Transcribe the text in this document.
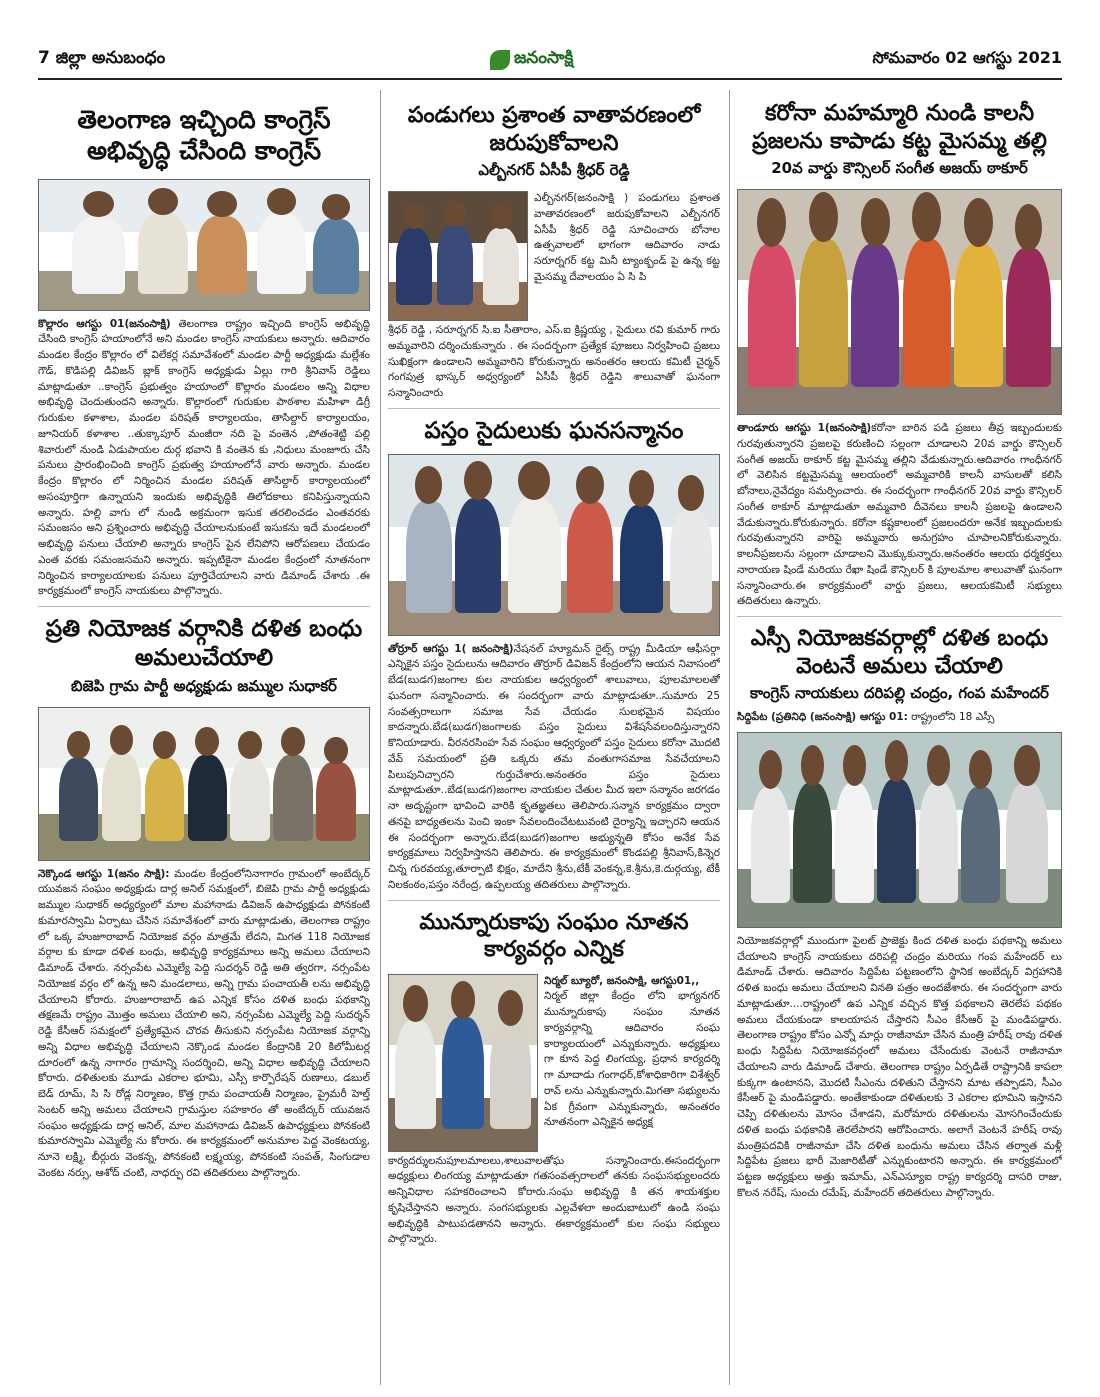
7 జిల్లా అనుబంధం	జనంసాక్షి	సోమవారం 02 ఆగస్టు 2021
తెలంగాణ ఇచ్చింది కాంగ్రెస్ అభివృద్ధి చేసింది కాంగ్రెస్
కొల్లారం ఆగస్టు 01(జనంసాక్షి) తెలంగాణ రాష్ట్రం ఇచ్చింది కాంగ్రెస్ అభివృద్ధి చేసింది కాంగ్రెస్ హయాంలోనే అని మండల కాంగ్రెస్ నాయకులు అన్నారు. ఆదివారం మండల కేంద్రం కొల్లారం లో విలేకర్ల సమావేశంలో మండల పార్టీ అధ్యక్షుడు మల్లేశం గౌడ్, కొడిపల్లి డివిజన్ బ్లాక్ కాంగ్రెస్ అధ్యక్షుడు ఏల్లు గారి శ్రీనివాస్ రెడ్డిలు మాట్లాడుతూ ..కాంగ్రెస్ ప్రభుత్వం హయాంలో కొల్లారం మండలం అన్ని విధాల అభివృద్ధి చెందుతుందని అన్నారు. కొల్లారంలో గురుకుల పాఠశాల మహిళా డిగ్రీ గురుకుల కళాశాల, మండల పరిషత్ కార్యాలయం, తాసిల్దార్ కార్యాలయం, జూనియర్ కళాశాల ..తుక్కాపూర్ మంజీరా నది పై వంతెన ,పోతంశెట్టి పల్లి శివారులో నుండి ఏడుపాయల దుర్గ భవాని కి వంతెన కు ,నిధులు మంజూరు చేసి పనులు ప్రారంభించింది కాంగ్రెస్ ప్రభుత్వ హయాంలోనే వారు అన్నారు. మండల కేంద్రం కొల్లారం లో నిర్మించిన మండల పరిషత్ తాసిల్దార్ కార్యాలయంలో అసంపూర్తిగా ఉన్నాయని ఇందుకు అభివృద్ధికి తిలోదకాలు కనిపిస్తున్నాయని అన్నారు. హల్లి వాగు లో నుండి అక్రమంగా ఇసుక తరలించడం ఎంతవరకు సమంజసం అని ప్రశ్నించారు అభివృద్ధి చేయాలనుకుంటే ఇసుకను ఇదే మండలంలో అభివృద్ధి పనులు చేయాలి అన్నారు కాంగ్రెస్ పైన లేనిపోని ఆరోపణలు చేయడం ఎంత వరకు సమంజసమని అన్నారు. ఇప్పటికైనా మండల కేంద్రంలో నూతనంగా నిర్మించిన కార్యాలయాలకు పనులు పూర్తిచేయాలని వారు డిమాండ్ చేశారు .ఈ కార్యక్రమంలో కాంగ్రెస్ నాయకులు పాల్గొన్నారు.
ప్రతి నియోజక వర్గానికి దళిత బంధు అమలుచేయాలి
బిజెపి గ్రామ పార్టీ అధ్యక్షుడు జమ్ముల సుధాకర్
నెక్కొండ ఆగస్టు 1(జనం సాక్షి): మండల కేంద్రంలోనినాగారం గ్రామంలో అంబేద్కర్ యువజన సంఘం అధ్యక్షుడు దార్ల అనిల్ సమక్షంలో, బిజెపి గ్రామ పార్టీ అధ్యక్షుడు జమ్ముల సుధాకర్ అధ్యర్యంలో మాల మహానాడు డివిజన్ ఉపాధ్యక్షుడు పోనకంటి కుమారస్వామి ఏర్పాటు చేసిన సమావేశంలో వారు మాట్లాడుతు, తెలంగాణ రాష్ట్రం లో ఒక్క హుజూరాబాద్ నియోజక వర్గం మాత్రమే లేదని, మిగత 118 నియోజక వర్గాల కు కూడా దళిత బంధు, అభివృద్ధి కార్యక్రమాలు అన్ని అమలు చేయాలని డిమాండ్ చేశారు. నర్సంపేట ఎమ్మెల్యే పెద్ది సుదర్శన్ రెడ్డి అతి త్వరగా, నర్సంపేట నియోజక వర్గం లో ఉన్న అని మండలాలు, అన్ని గ్రామ పంచాయతీ లను అభివృద్ధి చేయాలని కోరారు. హుజూరాబాద్ ఉప ఎన్నిక కోసం దళిత బంధు పథకాన్ని తక్షణమే రాష్ట్రం మొత్తం అమలు చేయాలి అని, నర్సంపేట ఎమ్మెల్యే పెద్ది సుదర్శన్ రెడ్డి కేసీఆర్ సమక్షంలో ప్రత్యేకమైన చొరవ తీసుకుని నర్సంపేట నియోజక వర్గాన్ని అన్ని విధాల అభివృద్ధి చేయాలని నెక్కొండ మండల కేంద్రానికి 20 కిలోమీటర్ల దూరంలో ఉన్న నాగారం గ్రామాన్ని సందర్శించి, అన్ని విధాల అభివృద్ధి చేయాలని కోరారు. దళితులకు మూడు ఎకరాల భూమి, ఎస్సీ కార్పొరేషన్ రుణాలు, డబుల్ బెడ్ రూమ్, సి సి రోడ్ల నిర్మాణం, కొత్త గ్రామ పంచాయతీ నిర్మాణం, ప్రైమరీ హెల్త్ సెంటర్ అన్ని అమలు చేయాలని గ్రామస్తుల సహకారం తో అంబేద్కర్ యువజన సంఘం అధ్యక్షుడు దార్ల అనిల్, మాల మహానాడు డివిజన్ ఉపాధ్యక్షులు పోనకంటి కుమారస్వామి ఎమ్మెల్యే ను కోరారు. ఈ కార్యక్రమంలో అనుమాల పెద్ద వెంకటయ్య, నూనె లక్ష్మి, బీర్గురు వెంకన్న, పోనకంటి లక్ష్మయ్య, పోనకంటి సంపత్, సింగుడాల వెంకట నర్సు, ఆశోద్ చంటి, నాధర్పు రవి తదితరులు పాల్గొన్నారు.
పండుగలు ప్రశాంత వాతావరణంలో జరుపుకోవాలని
ఎల్బీనగర్ ఏసీపీ శ్రీధర్ రెడ్డి
ఎల్బీనగర్(జనంసాక్షి ) పండుగలు ప్రశాంత వాతావరణంలో జరుపుకోవాలని ఎల్బీనగర్ ఏసీపీ శ్రీధర్ రెడ్డి సూచించారు బోనాల ఉత్సవాలలో భాగంగా ఆదివారం నాడు సరూర్నగర్ కట్ట మినీ ట్యాంక్బండ్ పై ఉన్న కట్ట మైసమ్మ దేవాలయం ఏ సి పి
శ్రీధర్ రెడ్డి , సరూర్నగర్ సి.ఐ సీతారాం, ఎస్.ఐ క్రిష్ణయ్య , సైదులు రవి కుమార్ గారు అమ్మవారిని దర్శించుకున్నారు . ఈ సందర్భంగా ప్రత్యేక పూజలు నిర్వహించి ప్రజలు సుఖిక్షంగా ఉండాలని అమ్మవారిని కోరుకున్నారు అనంతరం ఆలయ కమిటీ చైర్మన్ గంగపుత్ర భాస్కర్ అధ్వర్యంలో ఏసీపీ శ్రీధర్ రెడ్డిని శాలువాతో ఘనంగా సన్మానించారు
పస్తం సైదులుకు ఘనసన్మానం
తోర్రూర్ ఆగస్టు 1( జనంసాక్షి)నేషనల్ హ్యూమన్ రైట్స్ రాష్ట్ర మీడియా ఆఫీసర్గా ఎన్నికైన పస్తం సైదులును ఆదివారం తొర్రూర్ డివిజన్ కేంద్రంలోని ఆయన నివాసంలో బేడ(బుడగ)జంగాల కుల నాయకుల ఆధ్వర్యంలో శాలువాలు, పూలమాలలతో ఘనంగా సన్మానించారు. ఈ సందర్భంగా వారు మాట్లాడుతూ..సుమారు 25 సంవత్సరాలుగా సమాజ సేవ చేయడం సులభమైన విషయం కాదన్నారు.బేడ(బుడగ)జంగాలకు పస్తం సైదులు విశేషసేవలందిస్తున్నారని కొనియాడారు. వీరనరసింహ సేవ సంఘం ఆధ్వర్యంలో పస్తం సైదులు కరోనా మొదటి వేవ్ సమయంలో ప్రతి ఒక్కరు తమ వంతుగాసమాజ సేవచేయాలని పిలుపునిచ్చారని గుర్తుచేశారు.అనంతరం పస్తం సైదులు మాట్లాడుతూ..బేడ(బుడగ)జంగాల నాయకుల చేతుల మీద ఇలా సన్మానం జరగడం నా అదృష్టంగా భావించి వారికి కృతజ్ఞతలు తెలిపారు.సన్మాన కార్యక్రమం ద్వారా తనపై బాధ్యతలను పెంచి ఇంకా సేవలందించేటటువంటి దైర్యాన్ని ఇచ్చారని ఆయన ఈ సందర్భంగా అన్నారు.బేడ(బుడగ)జంగాల అభ్యున్నతి కోసం అనేక సేవ కార్యక్రమాలు నిర్వహిస్తానని తెలిపారు. ఈ కార్యక్రమంలో కొండపల్లి శ్రీనివాస్,కిన్నెర చిన్న గురవయ్య,తూర్పాటి భిక్షం, మాదేని శ్రీను,టేకీ వెంకన్న,కె.శ్రీను,కె.దుర్గయ్య, టేకీ నిలకంఠం,పస్తం నరేంద్ర, ఉప్పలయ్య తదితరులు పాల్గొన్నారు.
మున్నూరుకాపు సంఘం నూతన కార్యవర్గం ఎన్నిక
నిర్మల్ బ్యూరో, జనంసాక్షి, ఆగస్టు01,,
నిర్మల్ జిల్లా కేంద్రం లోని భాగ్యనగర్ మున్నూరుకాపు సంఘం నూతన కార్యవర్గాన్ని ఆదివారం సంఘ కార్యాలయంలో ఎన్నుకున్నారు. అధ్యక్షులు గా కూన పెద్ద లింగయ్య, ప్రధాన కార్యదర్శి గా మాదాడు గంగాధర్,కోశాధికారిగా విశేశ్వర్ రావ్ లను ఎన్నుకున్నారు.మిగతా సభ్యులను ఏక గ్రీవంగా ఎన్నుకున్నారు, అనంతరం నూతనంగా ఎన్నికైన అధ్యక్ష
కార్యదర్శులనుపూలమాలలు,శాలువాలతోఘ సన్మానించారు.ఈసందర్భంగా అధ్యక్షులు లింగయ్య మాట్లాడుతూ గతసంవత్సరాలలో తనకు సంఘసభ్యులందరు అన్నివిధాల సహకరించాలని కోరారు.సంఘ అభివృద్ధి కి తన శాయశక్తుల కృషిచేస్తానని అన్నారు. సంగసభ్యులకు ఎల్లవేళలా అందుబాటులో ఉండి సంఘ అభివృద్ధికి పాటుపడతానని అన్నారు. ఈకార్యక్రమంలో కుల సంఘ సభ్యులు పాల్గొన్నారు.
కరోనా మహమ్మారి నుండి కాలనీ ప్రజలను కాపాడు కట్ట మైసమ్మ తల్లి
20వ వార్డు కౌన్సిలర్ సంగీత అజయ్ ఠాకూర్
తాండూరు ఆగస్టు 1(జనంసాక్షి)కరోనా బారిన పడి ప్రజలు తీవ్ర ఇబ్బందులకు గురవుతున్నారని ప్రజలపై కరుణించి సల్లంగా చూడాలని 20వ వార్డు కౌన్సిలర్ సంగీత అజయ్ ఠాకూర్ కట్ట మైసమ్మ తల్లిని వేడుకున్నారు.ఆదివారం గాంధీనగర్ లో వెలిసిన కట్టమైసమ్మ ఆలయంలో అమ్మవారికి కాలనీ వాసులతో కలిసి బోనాలు,నైవేద్యం సమర్పించారు. ఈ సందర్భంగా గాంధీనగర్ 20వ వార్డు కౌన్సిలర్ సంగీత ఠాకూర్ మాట్లాడుతూ అమ్మవారి దీవెనలు కాలనీ ప్రజలపై ఉండాలని వేడుకున్నారు.కోరుకున్నారు. కరోనా కష్టకాలంలో ప్రజలందరూ అనేక ఇబ్బందులకు గురవుతున్నారని వారిపై అమ్మవారు అనుగ్రహం చూపాలనికోరుకున్నారు. కాలనీప్రజలను సల్లంగా చూడాలని మొక్కుకున్నారు.అనంతరం ఆలయ ధర్మకర్తలు నారాయణ షిండే మరియు రేఖా షిండే కౌన్సిలర్ కి పూలమాల శాలువాతో ఘనంగా సన్మానించారు.ఈ కార్యక్రమంలో వార్డు ప్రజలు, ఆలయకమిటీ సభ్యులు తదితరులు ఉన్నారు.
ఎస్సీ నియోజకవర్గాల్లో దళిత బంధు వెంటనే అమలు చేయాలి
కాంగ్రెస్ నాయకులు దరిపల్లి చంద్రం, గంప మహేందర్
సిద్దిపేట (ప్రతినిధి (జనంసాక్షి) ఆగస్టు 01: రాష్ట్రంలోని 18 ఎస్సీ
నియోజకవర్గాల్లో ముందుగా పైలట్ ప్రాజెక్టు కింద దళిత బంధు పథకాన్ని అమలు చేయాలని కాంగ్రెస్ నాయకులు దరిపల్లి చంద్రం మరియు గంప మహేందర్ లు డిమాండ్ చేశారు. ఆదివారం సిద్దిపేట పట్టణంలోని స్థానిక అంబేద్కర్ విగ్రహానికి దళిత బంధు అమలు చేయాలని వినతి పత్రం అందజేశారు. ఈ సందర్భంగా వారు మాట్లాడుతూ....రాష్ట్రంలో ఉప ఎన్నిక వచ్చిన కొత్త పథకాలని తెరలేప పథకం అమలు చేయకుండా కాలయాపన చేస్తారని సీఎం కేసీఆర్ పై మండిపడ్డారు. తెలంగాణ రాష్ట్రం కోసం ఎన్నో మార్లు రాజీనామా చేసిన మంత్రి హరీష్ రావు దళిత బంధు సిద్దిపేట నియోజకవర్గంలో అమలు చేసేందుకు వెంటనే రాజీనామా చేయాలని వారు డిమాండ్ చేశారు. తెలంగాణ రాష్ట్రం ఏర్పడితే రాష్ట్రానికి కాపలా కుక్కగా ఉంటానని, మొదటి సీఎంను దళితుని చేస్తానని మాట తప్పాడని, సీఎం కేసీఆర్ పై మండిపడ్డారు. అంతేకాకుండా దళితులకు 3 ఎకరాల భూమిని ఇస్తానని చెప్పి దళితులను మోసం చేశాడని, మరోమారు దళితులను మోసగించేందుకు దళిత బంధు పథకానికి తెరలేపారని ఆరోపించారు. అలాగే వెంటనే హరీష్ రావు మంత్రిపదవికి రాజీనామా చేసి దళిత బంధును అమలు చేసిన తర్వాత మళ్లీ సిద్దిపేట ప్రజలు భారీ మెజారిటీతో ఎన్నుకుంటారని అన్నారు. ఈ కార్యక్రమంలో పట్టణ అధ్యక్షులు అత్తు ఇమామ్, ఎన్ఎస్యూఐ రాష్ట్ర కార్యదర్శి దాసరి రాజు, కొలన నరేష్, సుంచు రమేష్, మహేందర్ తదితరులు పాల్గొన్నారు.
